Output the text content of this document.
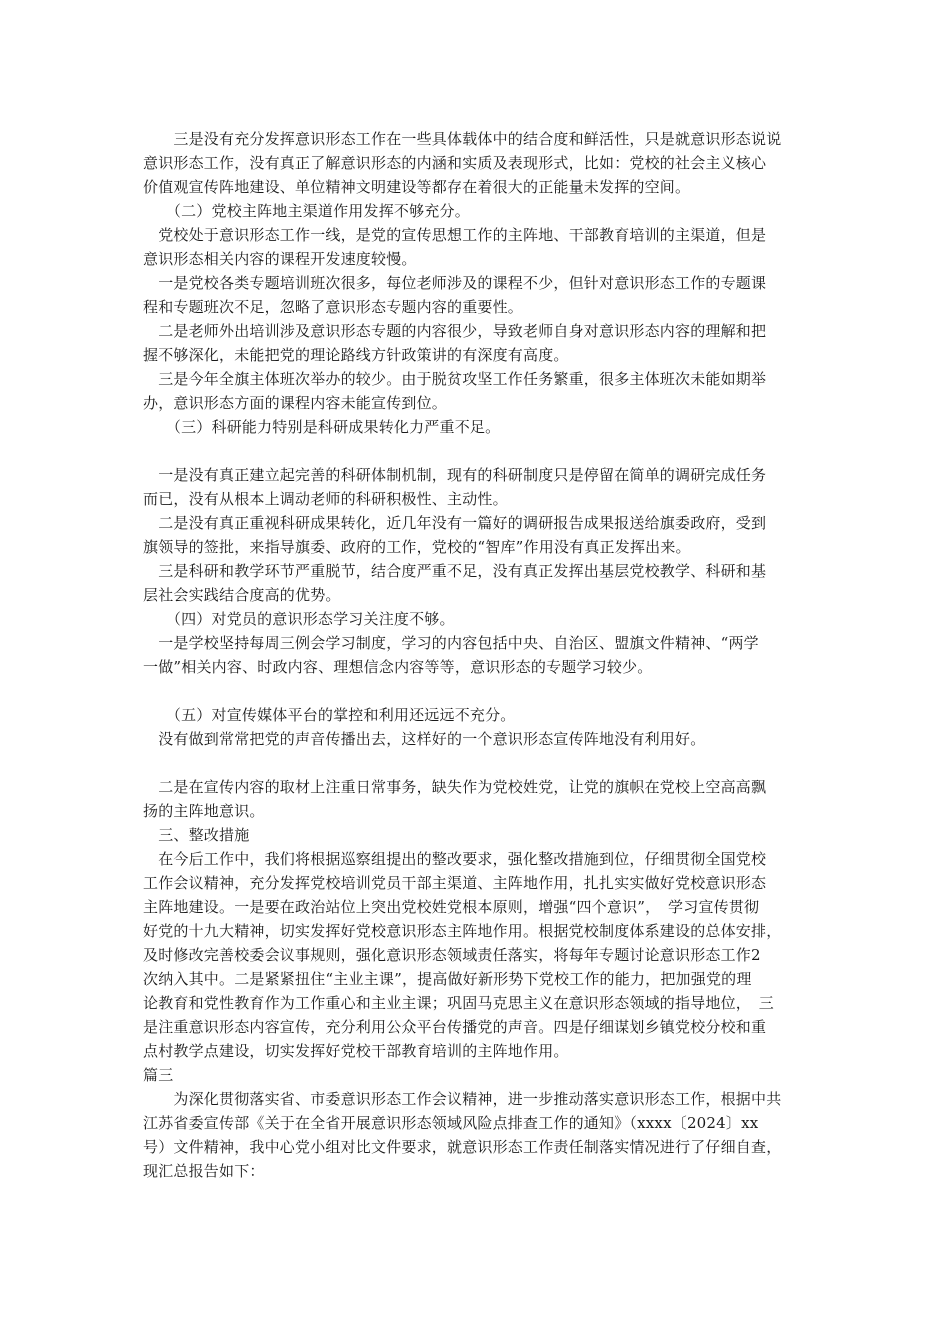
　　三是没有充分发挥意识形态工作在一些具体载体中的结合度和鲜活性，只是就意识形态说说
意识形态工作，没有真正了解意识形态的内涵和实质及表现形式，比如：党校的社会主义核心
价值观宣传阵地建设、单位精神文明建设等都存在着很大的正能量未发挥的空间。
　　（二）党校主阵地主渠道作用发挥不够充分。
　党校处于意识形态工作一线，是党的宣传思想工作的主阵地、干部教育培训的主渠道，但是
意识形态相关内容的课程开发速度较慢。
　一是党校各类专题培训班次很多，每位老师涉及的课程不少，但针对意识形态工作的专题课
程和专题班次不足，忽略了意识形态专题内容的重要性。
　二是老师外出培训涉及意识形态专题的内容很少，导致老师自身对意识形态内容的理解和把
握不够深化，未能把党的理论路线方针政策讲的有深度有高度。
　三是今年全旗主体班次举办的较少。由于脱贫攻坚工作任务繁重，很多主体班次未能如期举
办，意识形态方面的课程内容未能宣传到位。
　　（三）科研能力特别是科研成果转化力严重不足。
　一是没有真正建立起完善的科研体制机制，现有的科研制度只是停留在简单的调研完成任务
而已，没有从根本上调动老师的科研积极性、主动性。
　二是没有真正重视科研成果转化，近几年没有一篇好的调研报告成果报送给旗委政府，受到
旗领导的签批，来指导旗委、政府的工作，党校的“智库”作用没有真正发挥出来。
　三是科研和教学环节严重脱节，结合度严重不足，没有真正发挥出基层党校教学、科研和基
层社会实践结合度高的优势。
　　（四）对党员的意识形态学习关注度不够。
　一是学校坚持每周三例会学习制度，学习的内容包括中央、自治区、盟旗文件精神、“两学
一做”相关内容、时政内容、理想信念内容等等，意识形态的专题学习较少。
　　（五）对宣传媒体平台的掌控和利用还远远不充分。
　没有做到常常把党的声音传播出去，这样好的一个意识形态宣传阵地没有利用好。
　二是在宣传内容的取材上注重日常事务，缺失作为党校姓党，让党的旗帜在党校上空高高飘
扬的主阵地意识。
　三、整改措施
　在今后工作中，我们将根据巡察组提出的整改要求，强化整改措施到位，仔细贯彻全国党校
工作会议精神，充分发挥党校培训党员干部主渠道、主阵地作用，扎扎实实做好党校意识形态
主阵地建设。一是要在政治站位上突出党校姓党根本原则，增强“四个意识”，　学习宣传贯彻
好党的十九大精神，切实发挥好党校意识形态主阵地作用。根据党校制度体系建设的总体安排，
及时修改完善校委会议事规则，强化意识形态领域责任落实，将每年专题讨论意识形态工作2
次纳入其中。二是紧紧扭住“主业主课”，提高做好新形势下党校工作的能力，把加强党的理
论教育和党性教育作为工作重心和主业主课；巩固马克思主义在意识形态领域的指导地位，　三
是注重意识形态内容宣传，充分利用公众平台传播党的声音。四是仔细谋划乡镇党校分校和重
点村教学点建设，切实发挥好党校干部教育培训的主阵地作用。
篇三
　　为深化贯彻落实省、市委意识形态工作会议精神，进一步推动落实意识形态工作，根据中共
江苏省委宣传部《关于在全省开展意识形态领域风险点排查工作的通知》（xxxx〔2024〕xx
号）文件精神，我中心党小组对比文件要求，就意识形态工作责任制落实情况进行了仔细自查，
现汇总报告如下：
